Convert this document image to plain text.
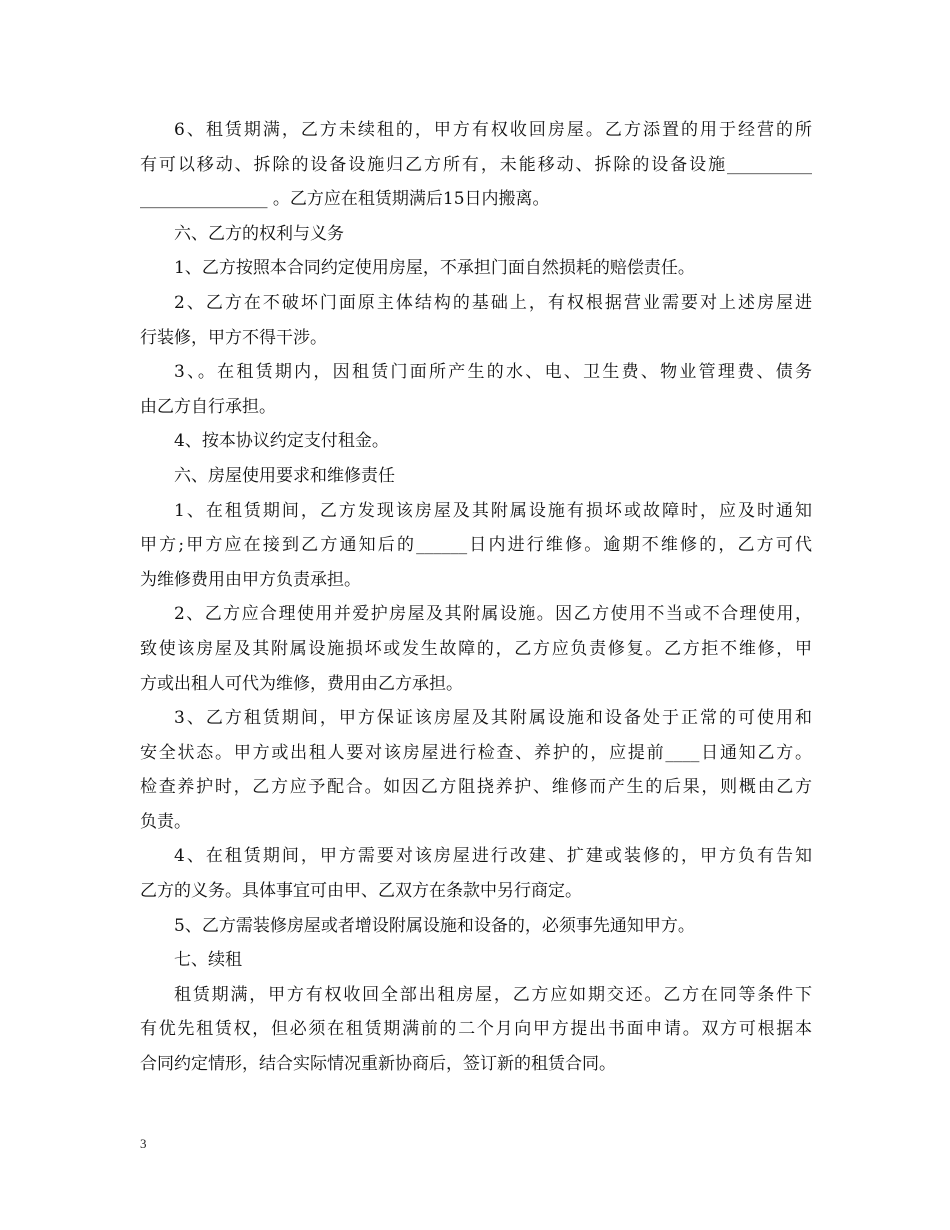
6、租赁期满，乙方未续租的，甲方有权收回房屋。乙方添置的用于经营的所
有可以移动、拆除的设备设施归乙方所有，未能移动、拆除的设备设施__________
_______________ 。乙方应在租赁期满后15日内搬离。
六、乙方的权利与义务
1、乙方按照本合同约定使用房屋，不承担门面自然损耗的赔偿责任。
2、乙方在不破坏门面原主体结构的基础上，有权根据营业需要对上述房屋进
行装修，甲方不得干涉。
3、。在租赁期内，因租赁门面所产生的水、电、卫生费、物业管理费、债务
由乙方自行承担。
4、按本协议约定支付租金。
六、房屋使用要求和维修责任
1、在租赁期间，乙方发现该房屋及其附属设施有损坏或故障时，应及时通知
甲方;甲方应在接到乙方通知后的______日内进行维修。逾期不维修的，乙方可代
为维修费用由甲方负责承担。
2、乙方应合理使用并爱护房屋及其附属设施。因乙方使用不当或不合理使用，
致使该房屋及其附属设施损坏或发生故障的，乙方应负责修复。乙方拒不维修，甲
方或出租人可代为维修，费用由乙方承担。
3、乙方租赁期间，甲方保证该房屋及其附属设施和设备处于正常的可使用和
安全状态。甲方或出租人要对该房屋进行检查、养护的，应提前____日通知乙方。
检查养护时，乙方应予配合。如因乙方阻挠养护、维修而产生的后果，则概由乙方
负责。
4、在租赁期间，甲方需要对该房屋进行改建、扩建或装修的，甲方负有告知
乙方的义务。具体事宜可由甲、乙双方在条款中另行商定。
5、乙方需装修房屋或者增设附属设施和设备的，必须事先通知甲方。
七、续租
租赁期满，甲方有权收回全部出租房屋，乙方应如期交还。乙方在同等条件下
有优先租赁权，但必须在租赁期满前的二个月向甲方提出书面申请。双方可根据本
合同约定情形，结合实际情况重新协商后，签订新的租赁合同。
3
